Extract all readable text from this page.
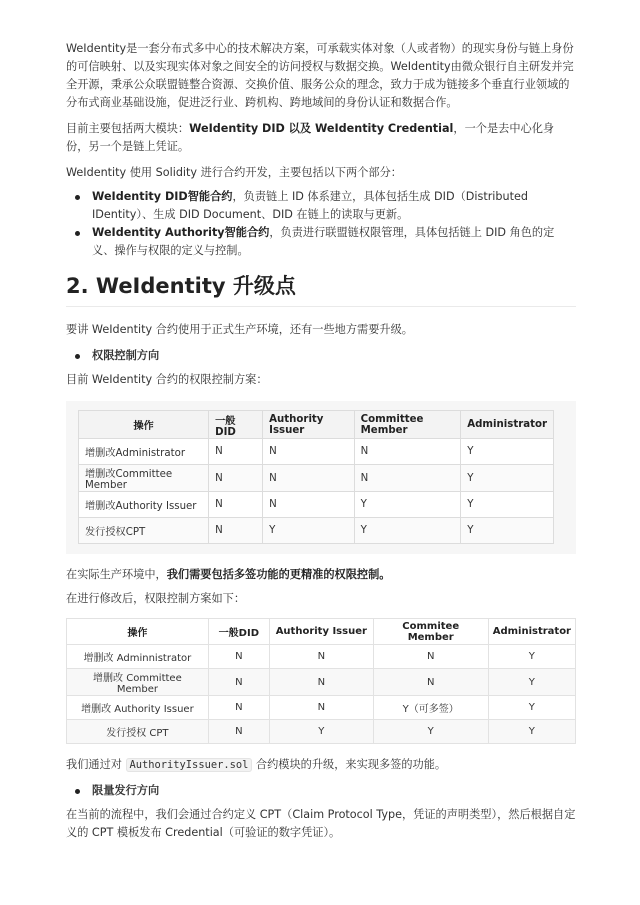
WeIdentity是一套分布式多中心的技术解决方案，可承载实体对象（人或者物）的现实身份与链上身份的可信映射、以及实现实体对象之间安全的访问授权与数据交换。WeIdentity由微众银行自主研发并完全开源，秉承公众联盟链整合资源、交换价值、服务公众的理念，致力于成为链接多个垂直行业领域的分布式商业基础设施，促进泛行业、跨机构、跨地域间的身份认证和数据合作。

目前主要包括两大模块：WeIdentity DID 以及 WeIdentity Credential，一个是去中心化身份，另一个是链上凭证。

WeIdentity 使用 Solidity 进行合约开发，主要包括以下两个部分：

WeIdentity DID智能合约，负责链上 ID 体系建立，具体包括生成 DID（Distributed IDentity）、生成 DID Document、DID 在链上的读取与更新。
WeIdentity Authority智能合约，负责进行联盟链权限管理，具体包括链上 DID 角色的定义、操作与权限的定义与控制。
2. WeIdentity 升级点

要讲 WeIdentity 合约使用于正式生产环境，还有一些地方需要升级。

权限控制方向

目前 WeIdentity 合约的权限控制方案：

操作	一般DID	Authority Issuer	Committee Member	Administrator
增删改Administrator	N	N	N	Y
增删改Committee Member	N	N	N	Y
增删改Authority Issuer	N	N	Y	Y
发行授权CPT	N	Y	Y	Y

在实际生产环境中，我们需要包括多签功能的更精准的权限控制。

在进行修改后，权限控制方案如下：

操作	一般DID	Authority Issuer	Commitee Member	Administrator
增删改 Adminnistrator	N	N	N	Y
增删改 Committee Member	N	N	N	Y
增删改 Authority Issuer	N	N	Y（可多签）	Y
发行授权 CPT	N	Y	Y	Y

我们通过对 AuthorityIssuer.sol 合约模块的升级，来实现多签的功能。

限量发行方向

在当前的流程中，我们会通过合约定义 CPT（Claim Protocol Type，凭证的声明类型），然后根据自定义的 CPT 模板发布 Credential（可验证的数字凭证）。
